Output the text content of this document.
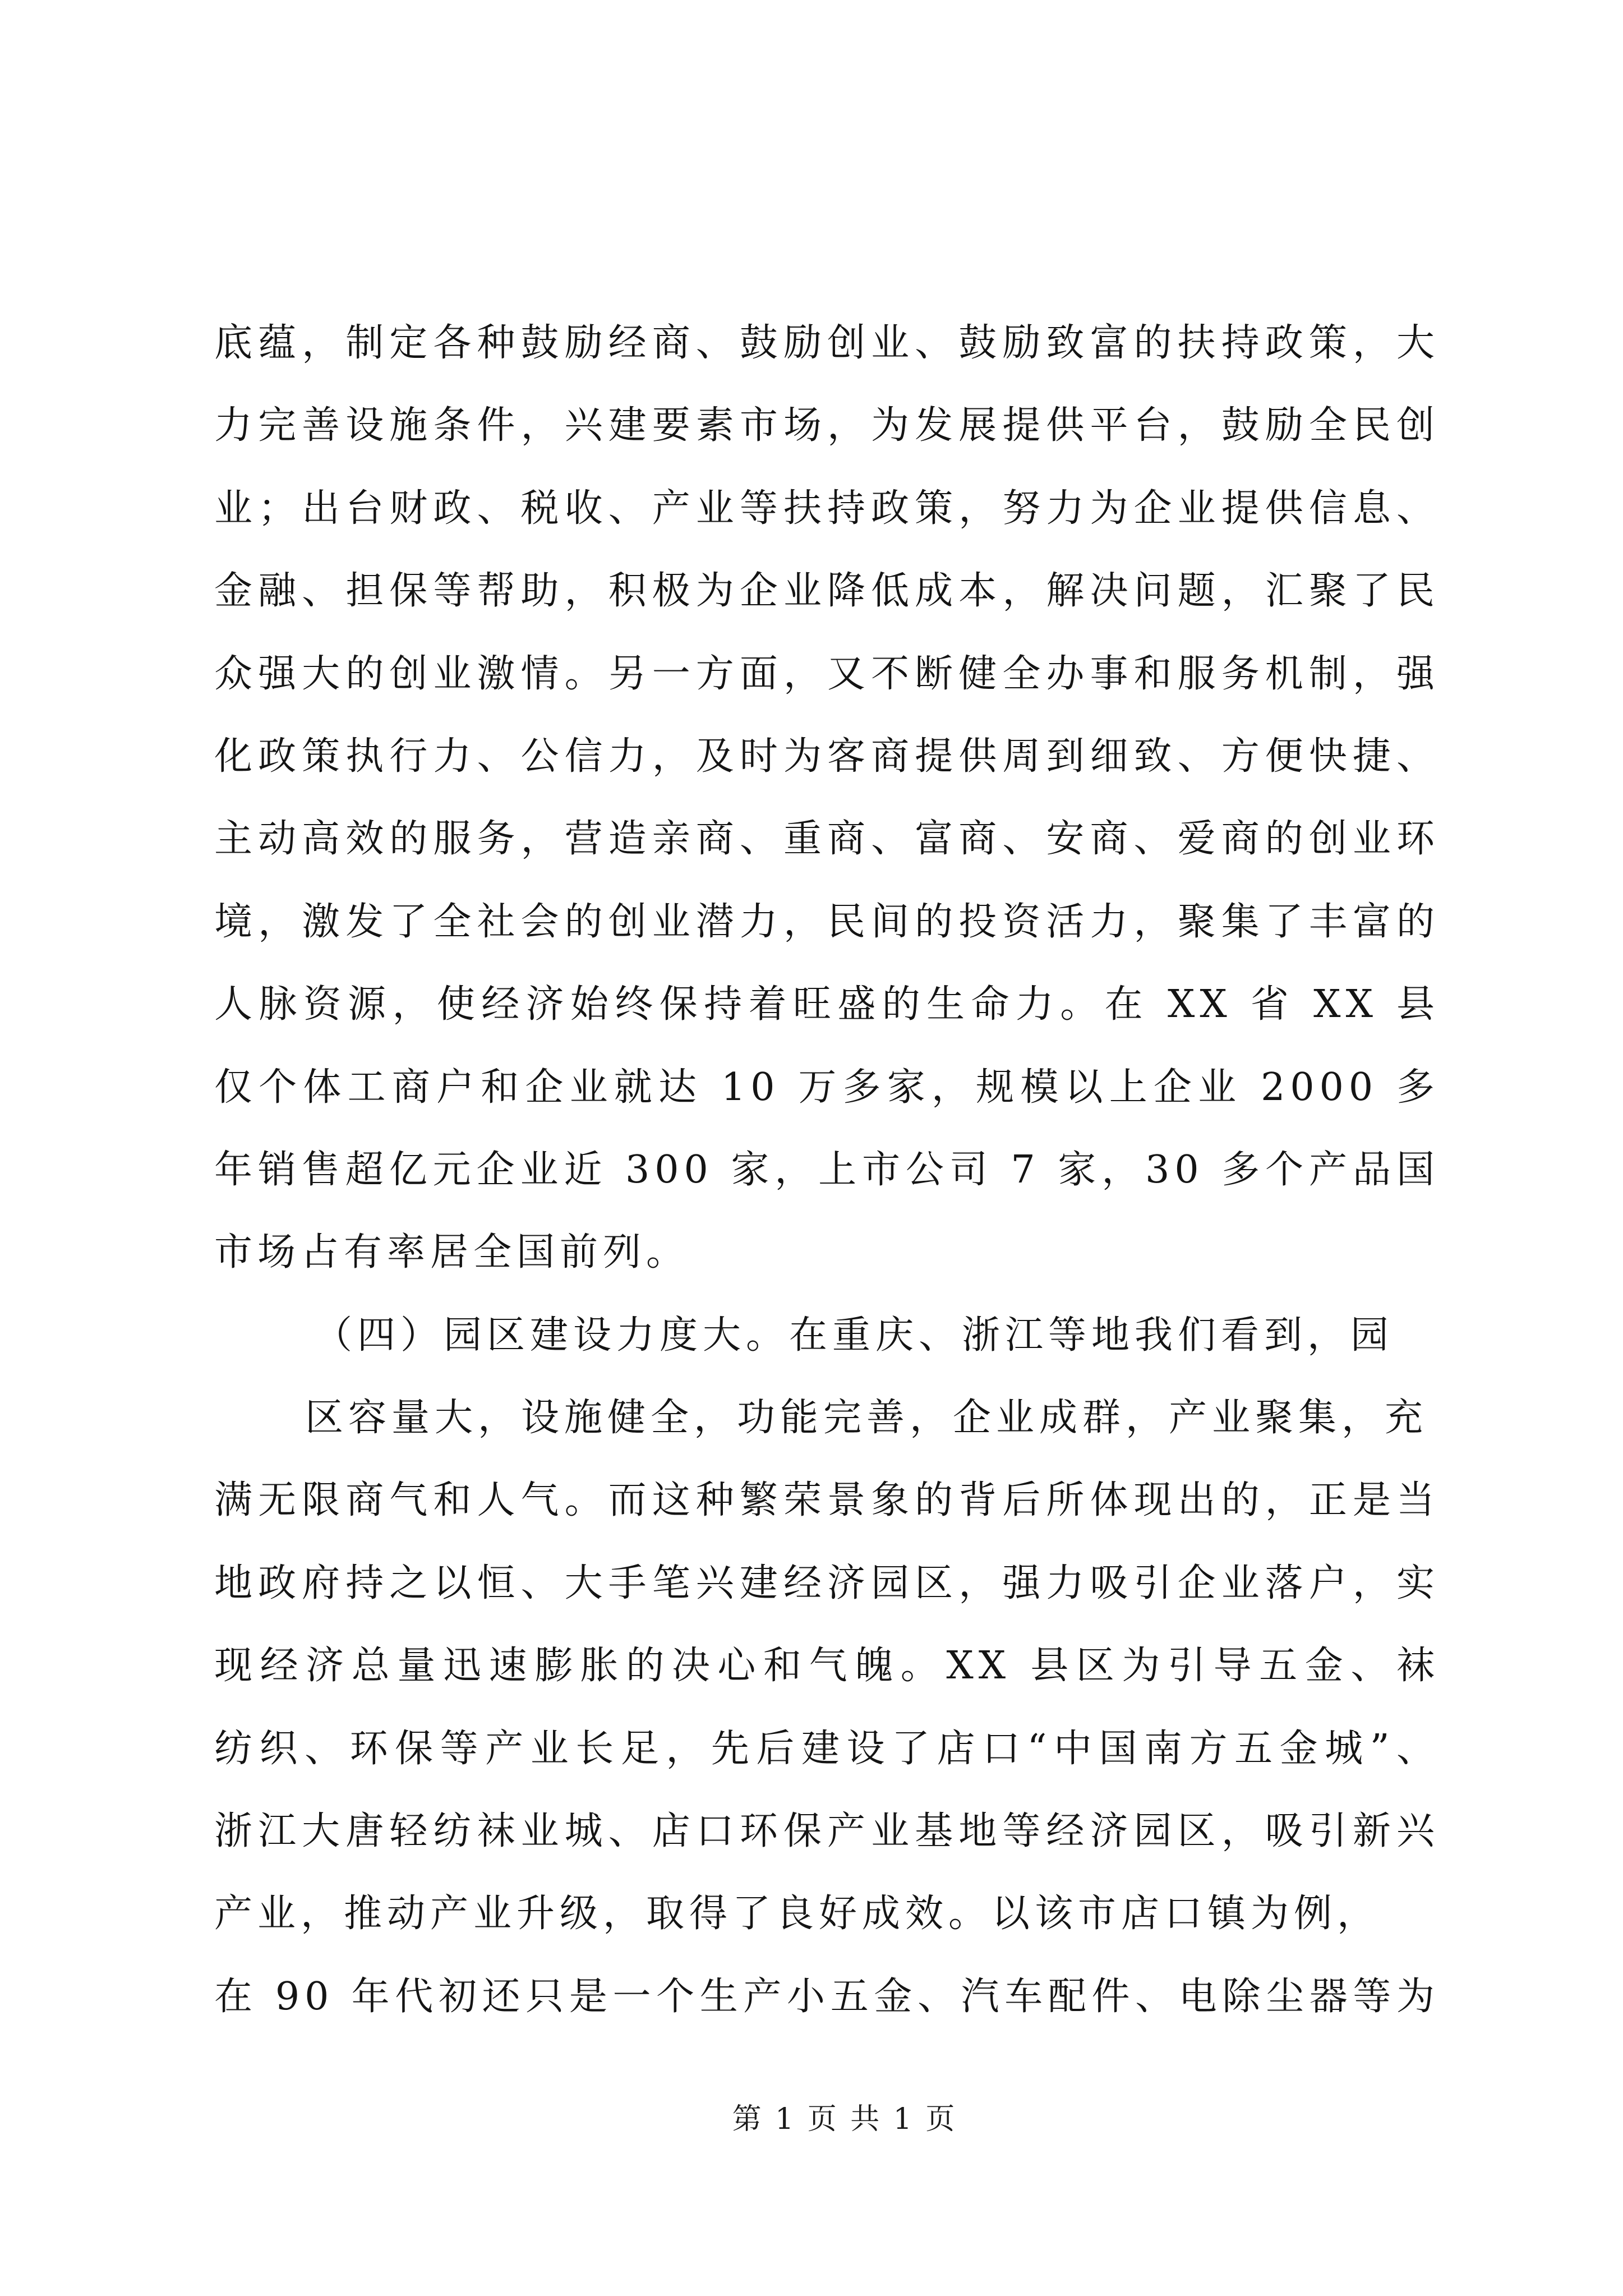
底蕴，制定各种鼓励经商、鼓励创业、鼓励致富的扶持政策，大
力完善设施条件，兴建要素市场，为发展提供平台，鼓励全民创
业；出台财政、税收、产业等扶持政策，努力为企业提供信息、
金融、担保等帮助，积极为企业降低成本，解决问题，汇聚了民
众强大的创业激情。另一方面，又不断健全办事和服务机制，强
化政策执行力、公信力，及时为客商提供周到细致、方便快捷、
主动高效的服务，营造亲商、重商、富商、安商、爱商的创业环
境，激发了全社会的创业潜力，民间的投资活力，聚集了丰富的
人脉资源，使经济始终保持着旺盛的生命力。在 XX 省 XX 县
仅个体工商户和企业就达 10 万多家，规模以上企业 2000 多
年销售超亿元企业近 300 家，上市公司 7 家，30 多个产品国
市场占有率居全国前列。
（四）园区建设力度大。在重庆、浙江等地我们看到，园
区容量大，设施健全，功能完善，企业成群，产业聚集，充
满无限商气和人气。而这种繁荣景象的背后所体现出的，正是当
地政府持之以恒、大手笔兴建经济园区，强力吸引企业落户，实
现经济总量迅速膨胀的决心和气魄。XX 县区为引导五金、袜
纺织、环保等产业长足，先后建设了店口“中国南方五金城”、
浙江大唐轻纺袜业城、店口环保产业基地等经济园区，吸引新兴
产业，推动产业升级，取得了良好成效。以该市店口镇为例，
在 90 年代初还只是一个生产小五金、汽车配件、电除尘器等为
第 1 页 共 1 页
